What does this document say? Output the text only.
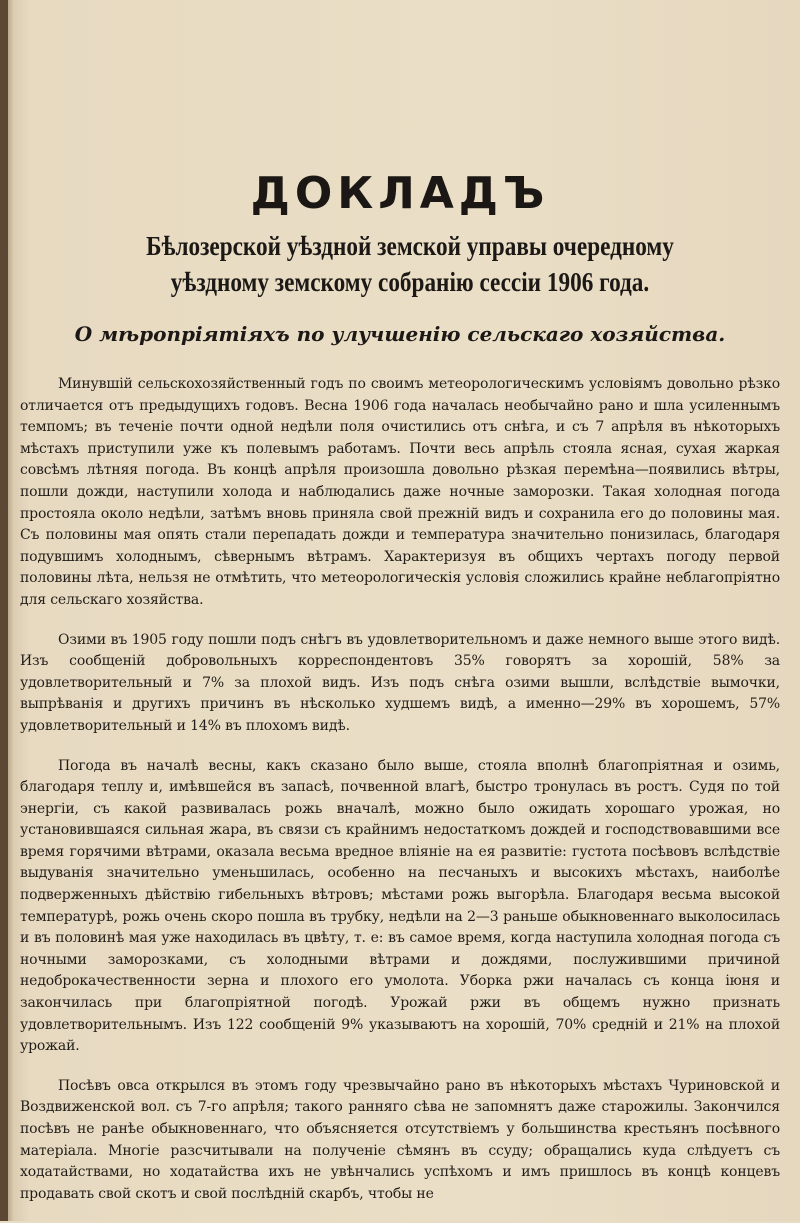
ДОКЛАДЪ
Бѣлозерской уѣздной земской управы очередному уѣздному земскому собранію сессіи 1906 года.
О мѣропріятіяхъ по улучшенію сельскаго хозяйства.

Минувшій сельскохозяйственный годъ по своимъ метеорологическимъ условіямъ довольно рѣзко отличается отъ предыдущихъ годовъ. Весна 1906 года началась необычайно рано и шла усиленнымъ темпомъ; въ теченіе почти одной недѣли поля очистились отъ снѣга, и съ 7 апрѣля въ нѣкоторыхъ мѣстахъ приступили уже къ полевымъ работамъ. Почти весь апрѣль стояла ясная, сухая жаркая совсѣмъ лѣтняя погода. Въ концѣ апрѣля произошла довольно рѣзкая перемѣна—появились вѣтры, пошли дожди, наступили холода и наблюдались даже ночные заморозки. Такая холодная погода простояла около недѣли, затѣмъ вновь приняла свой прежній видъ и сохранила его до половины мая. Съ половины мая опять стали перепадать дожди и температура значительно понизилась, благодаря подувшимъ холоднымъ, сѣвернымъ вѣтрамъ. Характеризуя въ общихъ чертахъ погоду первой половины лѣта, нельзя не отмѣтить, что метеорологическія условія сложились крайне неблагопріятно для сельскаго хозяйства.

Озими въ 1905 году пошли подъ снѣгъ въ удовлетворительномъ и даже немного выше этого видѣ. Изъ сообщеній добровольныхъ корреспондентовъ 35% говорятъ за хорошій, 58% за удовлетворительный и 7% за плохой видъ. Изъ подъ снѣга озими вышли, вслѣдствіе вымочки, выпрѣванія и другихъ причинъ въ нѣсколько худшемъ видѣ, а именно—29% въ хорошемъ, 57% удовлетворительный и 14% въ плохомъ видѣ.

Погода въ началѣ весны, какъ сказано было выше, стояла вполнѣ благопріятная и озимь, благодаря теплу и, имѣвшейся въ запасѣ, почвенной влагѣ, быстро тронулась въ ростъ. Судя по той энергіи, съ какой развивалась рожь вначалѣ, можно было ожидать хорошаго урожая, но установившаяся сильная жара, въ связи съ крайнимъ недостаткомъ дождей и господствовавшими все время горячими вѣтрами, оказала весьма вредное вліяніе на ея развитіе: густота посѣвовъ вслѣдствіе выдуванія значительно уменьшилась, особенно на песчаныхъ и высокихъ мѣстахъ, наиболѣе подверженныхъ дѣйствію гибельныхъ вѣтровъ; мѣстами рожь выгорѣла. Благодаря весьма высокой температурѣ, рожь очень скоро пошла въ трубку, недѣли на 2—3 раньше обыкновеннаго выколосилась и въ половинѣ мая уже находилась въ цвѣту, т. е: въ самое время, когда наступила холодная погода съ ночными заморозками, съ холодными вѣтрами и дождями, послужившими причиной недоброкачественности зерна и плохого его умолота. Уборка ржи началась съ конца іюня и закончилась при благопріятной погодѣ. Урожай ржи въ общемъ нужно признать удовлетворительнымъ. Изъ 122 сообщеній 9% указываютъ на хорошій, 70% средній и 21% на плохой урожай.

Посѣвъ овса открылся въ этомъ году чрезвычайно рано въ нѣкоторыхъ мѣстахъ Чуриновской и Воздвиженской вол. съ 7-го апрѣля; такого ранняго сѣва не запомнятъ даже старожилы. Закончился посѣвъ не ранѣе обыкновеннаго, что объясняется отсутствіемъ у большинства крестьянъ посѣвного матеріала. Многіе разсчитывали на полученіе сѣмянъ въ ссуду; обращались куда слѣдуетъ съ ходатайствами, но ходатайства ихъ не увѣнчались успѣхомъ и имъ пришлось въ концѣ концевъ продавать свой скотъ и свой послѣдній скарбъ, чтобы не
